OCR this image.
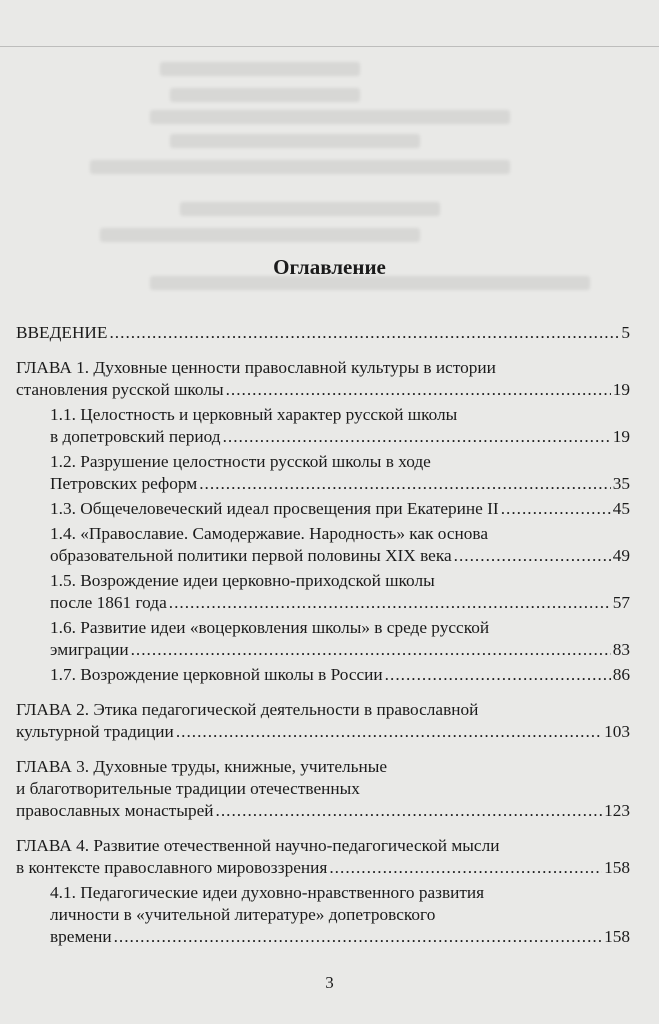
Оглавление
ВВЕДЕНИЕ .....	5
ГЛАВА 1. Духовные ценности православной культуры в истории
становления русской школы .....	19
1.1. Целостность и церковный характер русской школы
в допетровский период .....	19
1.2. Разрушение целостности русской школы в ходе
Петровских реформ .....	35
1.3. Общечеловеческий идеал просвещения при Екатерине II .....	45
1.4. «Православие. Самодержавие. Народность» как основа
образовательной политики первой половины XIX века .....	49
1.5. Возрождение идеи церковно-приходской школы
после 1861 года .....	57
1.6. Развитие идеи «воцерковления школы» в среде русской
эмиграции .....	83
1.7. Возрождение церковной школы в России .....	86
ГЛАВА 2. Этика педагогической деятельности в православной
культурной традиции .....	103
ГЛАВА 3. Духовные труды, книжные, учительные
и благотворительные традиции отечественных
православных монастырей .....	123
ГЛАВА 4. Развитие отечественной научно-педагогической мысли
в контексте православного мировоззрения .....	158
4.1. Педагогические идеи духовно-нравственного развития
личности в «учительной литературе» допетровского
времени .....	158
3
